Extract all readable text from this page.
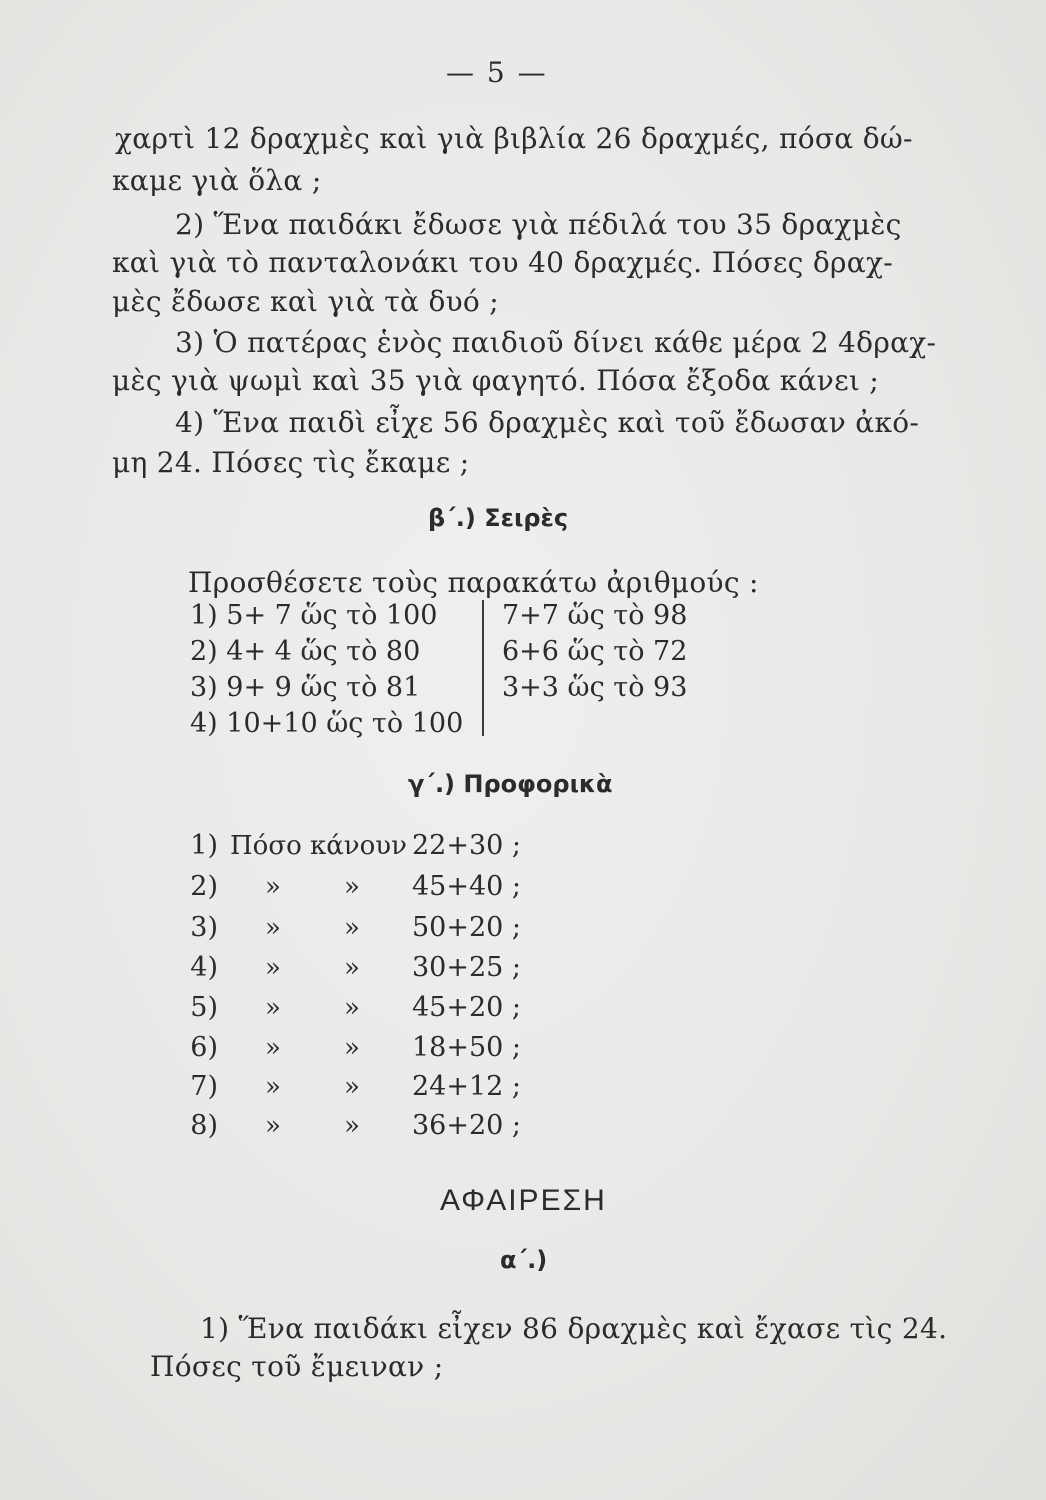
— 5 —
χαρτὶ 12 δραχμὲς καὶ γιὰ βιβλία 26 δραχμές, πόσα δώ-
καμε γιὰ ὅλα ;
2) Ἕνα παιδάκι ἔδωσε γιὰ πέδιλά του 35 δραχμὲς
καὶ γιὰ τὸ πανταλονάκι του 40 δραχμές. Πόσες δραχ-
μὲς ἔδωσε καὶ γιὰ τὰ δυό ;
3) Ὁ πατέρας ἑνὸς παιδιοῦ δίνει κάθε μέρα 2 4δραχ-
μὲς γιὰ ψωμὶ καὶ 35 γιὰ φαγητό. Πόσα ἔξοδα κάνει ;
4) Ἕνα παιδὶ εἶχε 56 δραχμὲς καὶ τοῦ ἔδωσαν ἀκό-
μη 24. Πόσες τὶς ἔκαμε ;
β΄.) Σειρὲς
Προσθέσετε τοὺς παρακάτω ἀριθμούς :
1) 5+ 7 ὥς τὸ 100
2) 4+ 4 ὥς τὸ 80
3) 9+ 9 ὥς τὸ 81
4) 10+10 ὥς τὸ 100
7+7 ὥς τὸ 98
6+6 ὥς τὸ 72
3+3 ὥς τὸ 93
γ΄.) Προφορικὰ
1) Πόσο κάνουν 22+30 ;
2) » » 45+40 ;
3) » » 50+20 ;
4) » » 30+25 ;
5) » » 45+20 ;
6) » » 18+50 ;
7) » » 24+12 ;
8) » » 36+20 ;
ΑΦΑΙΡΕΣΗ
α΄.)
1) Ἕνα παιδάκι εἶχεν 86 δραχμὲς καὶ ἔχασε τὶς 24.
Πόσες τοῦ ἔμειναν ;
